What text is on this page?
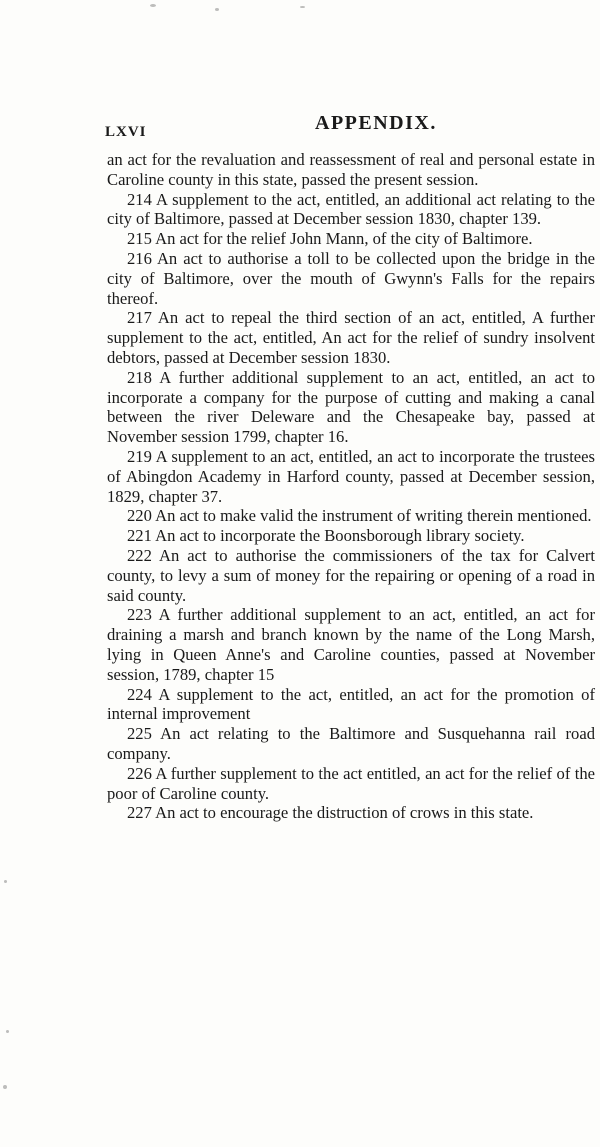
LXVI	APPENDIX.

an act for the revaluation and reassessment of real and personal estate in Caroline county in this state, passed the present session.

214 A supplement to the act, entitled, an additional act relating to the city of Baltimore, passed at December session 1830, chapter 139.

215 An act for the relief John Mann, of the city of Baltimore.

216 An act to authorise a toll to be collected upon the bridge in the city of Baltimore, over the mouth of Gwynn's Falls for the repairs thereof.

217 An act to repeal the third section of an act, entitled, A further supplement to the act, entitled, An act for the relief of sundry insolvent debtors, passed at December session 1830.

218 A further additional supplement to an act, entitled, an act to incorporate a company for the purpose of cutting and making a canal between the river Deleware and the Chesapeake bay, passed at November session 1799, chapter 16.

219 A supplement to an act, entitled, an act to incorporate the trustees of Abingdon Academy in Harford county, passed at December session, 1829, chapter 37.

220 An act to make valid the instrument of writing therein mentioned.

221 An act to incorporate the Boonsborough library society.

222 An act to authorise the commissioners of the tax for Calvert county, to levy a sum of money for the repairing or opening of a road in said county.

223 A further additional supplement to an act, entitled, an act for draining a marsh and branch known by the name of the Long Marsh, lying in Queen Anne's and Caroline counties, passed at November session, 1789, chapter 15

224 A supplement to the act, entitled, an act for the promotion of internal improvement

225 An act relating to the Baltimore and Susquehanna rail road company.

226 A further supplement to the act entitled, an act for the relief of the poor of Caroline county.

227 An act to encourage the distruction of crows in this state.
